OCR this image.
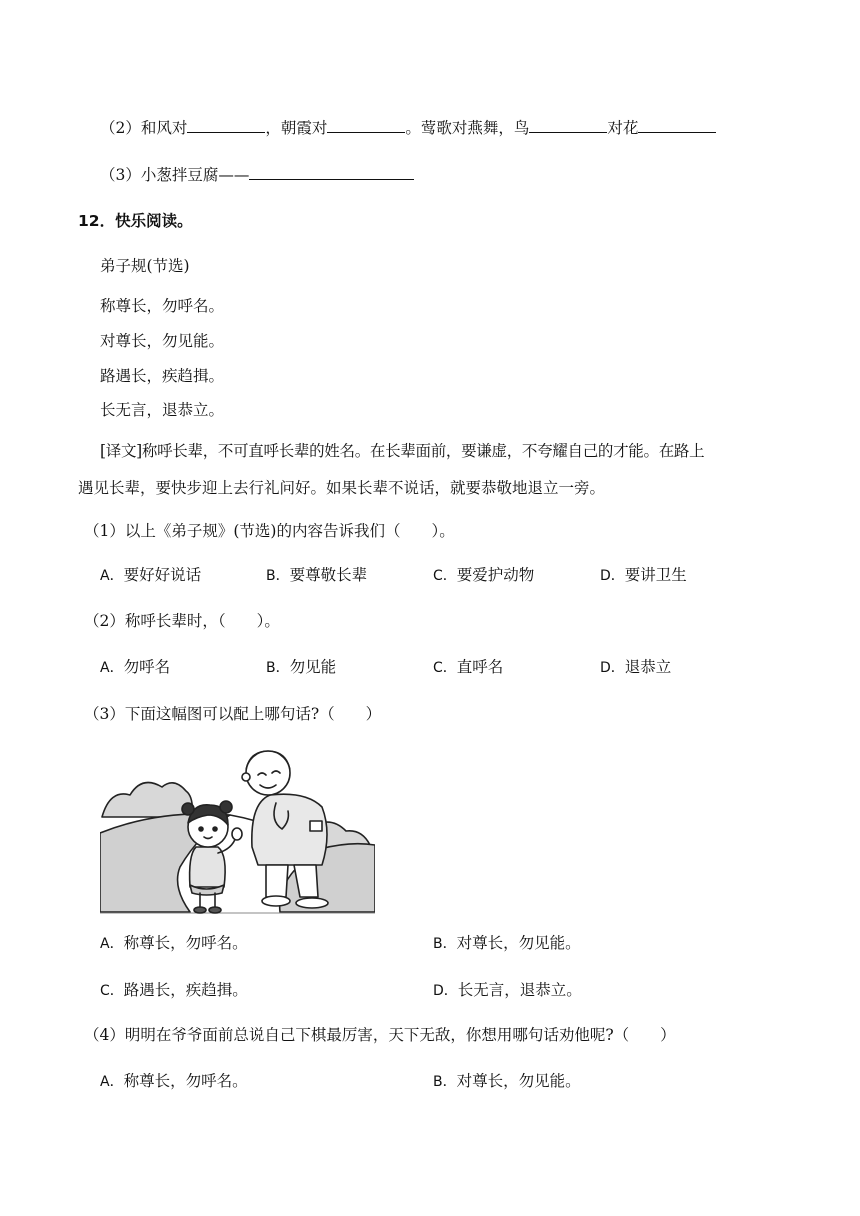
（2）和风对	，朝霞对	。莺歌对燕舞，鸟	对花
（3）小葱拌豆腐——
12．快乐阅读。
弟子规(节选)
称尊长，勿呼名。
对尊长，勿见能。
路遇长，疾趋揖。
长无言，退恭立。
[译文]称呼长辈，不可直呼长辈的姓名。在长辈面前，要谦虚，不夸耀自己的才能。在路上
遇见长辈，要快步迎上去行礼问好。如果长辈不说话，就要恭敬地退立一旁。
（1）以上《弟子规》(节选)的内容告诉我们（　　）。
A．要好好说话	B．要尊敬长辈	C．要爱护动物	D．要讲卫生
（2）称呼长辈时，（　　）。
A．勿呼名	B．勿见能	C．直呼名	D．退恭立
（3）下面这幅图可以配上哪句话?（　　）
A．称尊长，勿呼名。	B．对尊长，勿见能。
C．路遇长，疾趋揖。	D．长无言，退恭立。
（4）明明在爷爷面前总说自己下棋最厉害，天下无敌，你想用哪句话劝他呢?（　　）
A．称尊长，勿呼名。	B．对尊长，勿见能。
